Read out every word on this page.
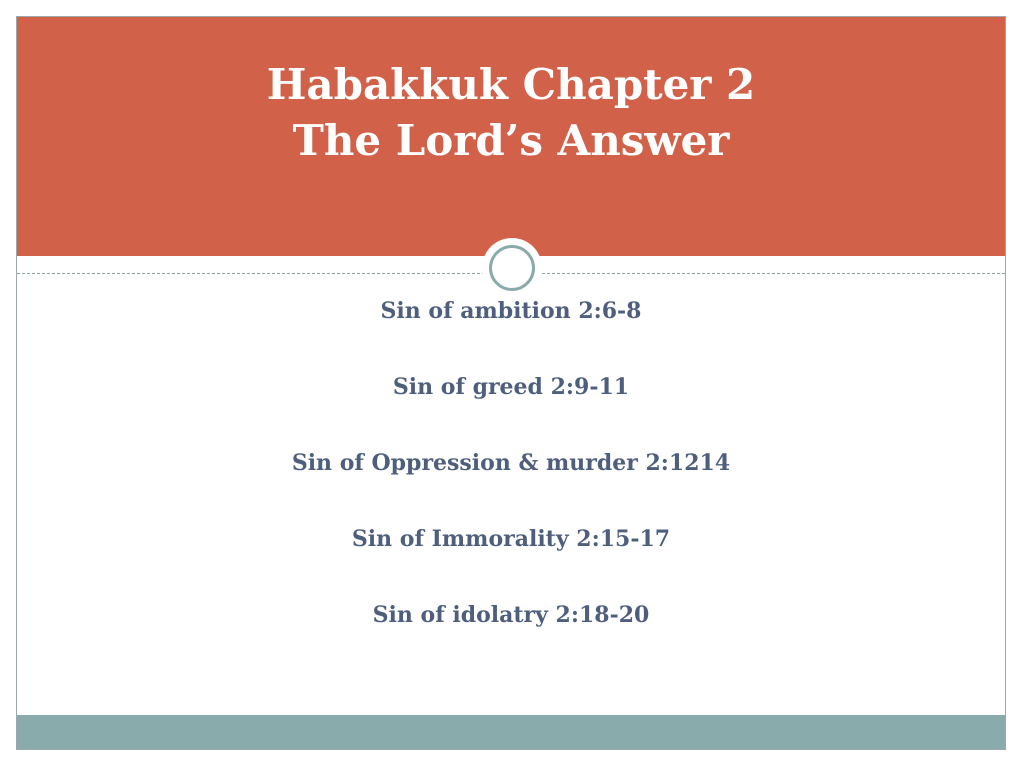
Habakkuk Chapter 2
The Lord’s Answer
Sin of ambition 2:6-8
Sin of greed 2:9-11
Sin of Oppression & murder 2:1214
Sin of Immorality 2:15-17
Sin of idolatry 2:18-20
